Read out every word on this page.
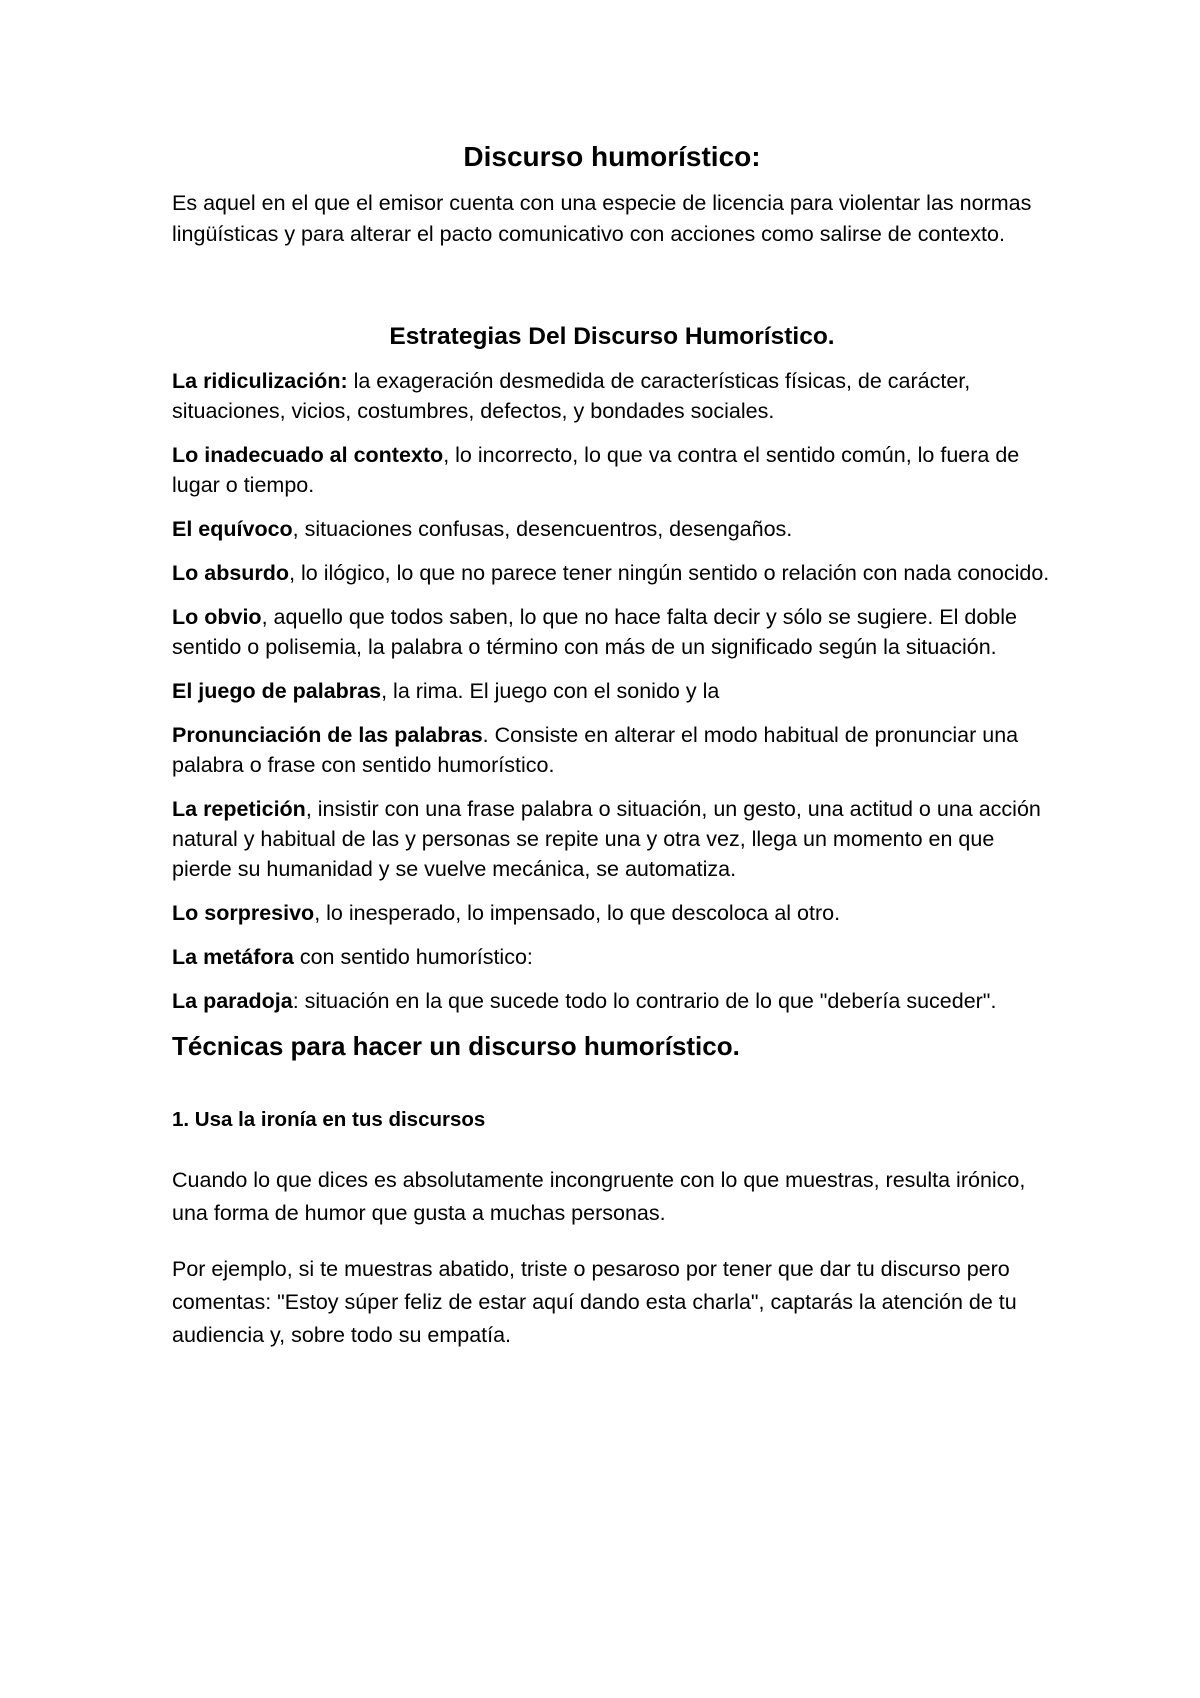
Discurso humorístico:

Es aquel en el que el emisor cuenta con una especie de licencia para violentar las normas lingüísticas y para alterar el pacto comunicativo con acciones como salirse de contexto.

Estrategias Del Discurso Humorístico.

La ridiculización: la exageración desmedida de características físicas, de carácter, situaciones, vicios, costumbres, defectos, y bondades sociales.

Lo inadecuado al contexto, lo incorrecto, lo que va contra el sentido común, lo fuera de lugar o tiempo.

El equívoco, situaciones confusas, desencuentros, desengaños.

Lo absurdo, lo ilógico, lo que no parece tener ningún sentido o relación con nada conocido.

Lo obvio, aquello que todos saben, lo que no hace falta decir y sólo se sugiere. El doble sentido o polisemia, la palabra o término con más de un significado según la situación.

El juego de palabras, la rima. El juego con el sonido y la

Pronunciación de las palabras. Consiste en alterar el modo habitual de pronunciar una palabra o frase con sentido humorístico.

La repetición, insistir con una frase palabra o situación, un gesto, una actitud o una acción natural y habitual de las y personas se repite una y otra vez, llega un momento en que pierde su humanidad y se vuelve mecánica, se automatiza.

Lo sorpresivo, lo inesperado, lo impensado, lo que descoloca al otro.

La metáfora con sentido humorístico:

La paradoja: situación en la que sucede todo lo contrario de lo que "debería suceder".

Técnicas para hacer un discurso humorístico.
1. Usa la ironía en tus discursos

Cuando lo que dices es absolutamente incongruente con lo que muestras, resulta irónico, una forma de humor que gusta a muchas personas.

Por ejemplo, si te muestras abatido, triste o pesaroso por tener que dar tu discurso pero comentas: "Estoy súper feliz de estar aquí dando esta charla", captarás la atención de tu audiencia y, sobre todo su empatía.
